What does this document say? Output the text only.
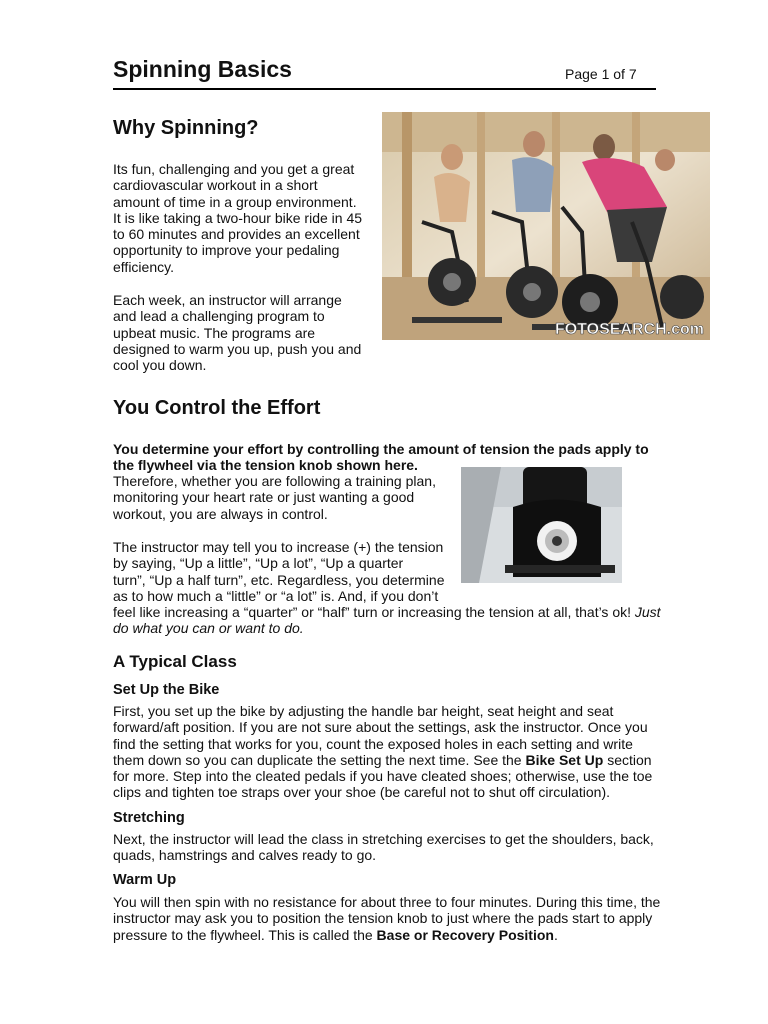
Spinning Basics	Page 1 of 7
Why Spinning?
Its fun, challenging and you get a great
cardiovascular workout in a short
amount of time in a group environment.
It is like taking a two-hour bike ride in 45
to 60 minutes and provides an excellent
opportunity to improve your pedaling
efficiency.
Each week, an instructor will arrange
and lead a challenging program to
upbeat music. The programs are
designed to warm you up, push you and
cool you down.
FOTOSEARCH.com
You Control the Effort
You determine your effort by controlling the amount of tension the pads apply to
the flywheel via the tension knob shown here.
Therefore, whether you are following a training plan,
monitoring your heart rate or just wanting a good
workout, you are always in control.
The instructor may tell you to increase (+) the tension
by saying, “Up a little”, “Up a lot”, “Up a quarter
turn”, “Up a half turn”, etc. Regardless, you determine
as to how much a “little” or “a lot” is. And, if you don’t
feel like increasing a “quarter” or “half” turn or increasing the tension at all, that’s ok! Just
do what you can or want to do.
A Typical Class
Set Up the Bike
First, you set up the bike by adjusting the handle bar height, seat height and seat
forward/aft position. If you are not sure about the settings, ask the instructor. Once you
find the setting that works for you, count the exposed holes in each setting and write
them down so you can duplicate the setting the next time. See the Bike Set Up section
for more. Step into the cleated pedals if you have cleated shoes; otherwise, use the toe
clips and tighten toe straps over your shoe (be careful not to shut off circulation).
Stretching
Next, the instructor will lead the class in stretching exercises to get the shoulders, back,
quads, hamstrings and calves ready to go.
Warm Up
You will then spin with no resistance for about three to four minutes. During this time, the
instructor may ask you to position the tension knob to just where the pads start to apply
pressure to the flywheel. This is called the Base or Recovery Position.
